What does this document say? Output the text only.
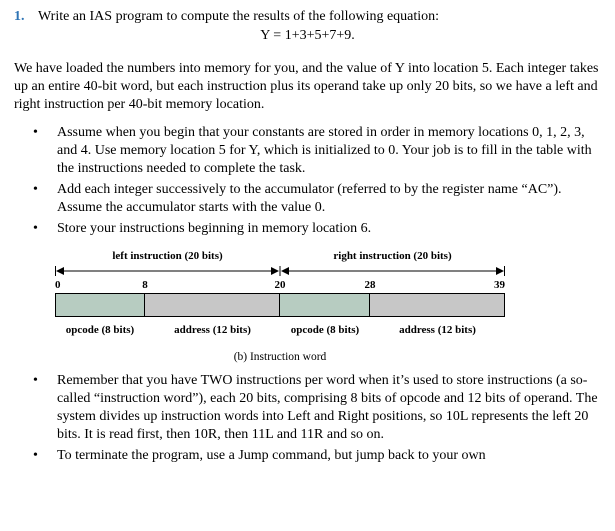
1. Write an IAS program to compute the results of the following equation:
Y = 1+3+5+7+9.

We have loaded the numbers into memory for you, and the value of Y into location 5. Each integer takes up an entire 40-bit word, but each instruction plus its operand take up only 20 bits, so we have a left and right instruction per 40-bit memory location.

• Assume when you begin that your constants are stored in order in memory locations 0, 1, 2, 3, and 4. Use memory location 5 for Y, which is initialized to 0. Your job is to fill in the table with the instructions needed to complete the task.
• Add each integer successively to the accumulator (referred to by the register name “AC”). Assume the accumulator starts with the value 0.
• Store your instructions beginning in memory location 6.
left instruction (20 bits)	right instruction (20 bits)
0	8	20	28	39
opcode (8 bits)	address (12 bits)	opcode (8 bits)	address (12 bits)
(b) Instruction word
• Remember that you have TWO instructions per word when it’s used to store instructions (a so-called “instruction word”), each 20 bits, comprising 8 bits of opcode and 12 bits of operand. The system divides up instruction words into Left and Right positions, so 10L represents the left 20 bits. It is read first, then 10R, then 11L and 11R and so on.
• To terminate the program, use a Jump command, but jump back to your own
